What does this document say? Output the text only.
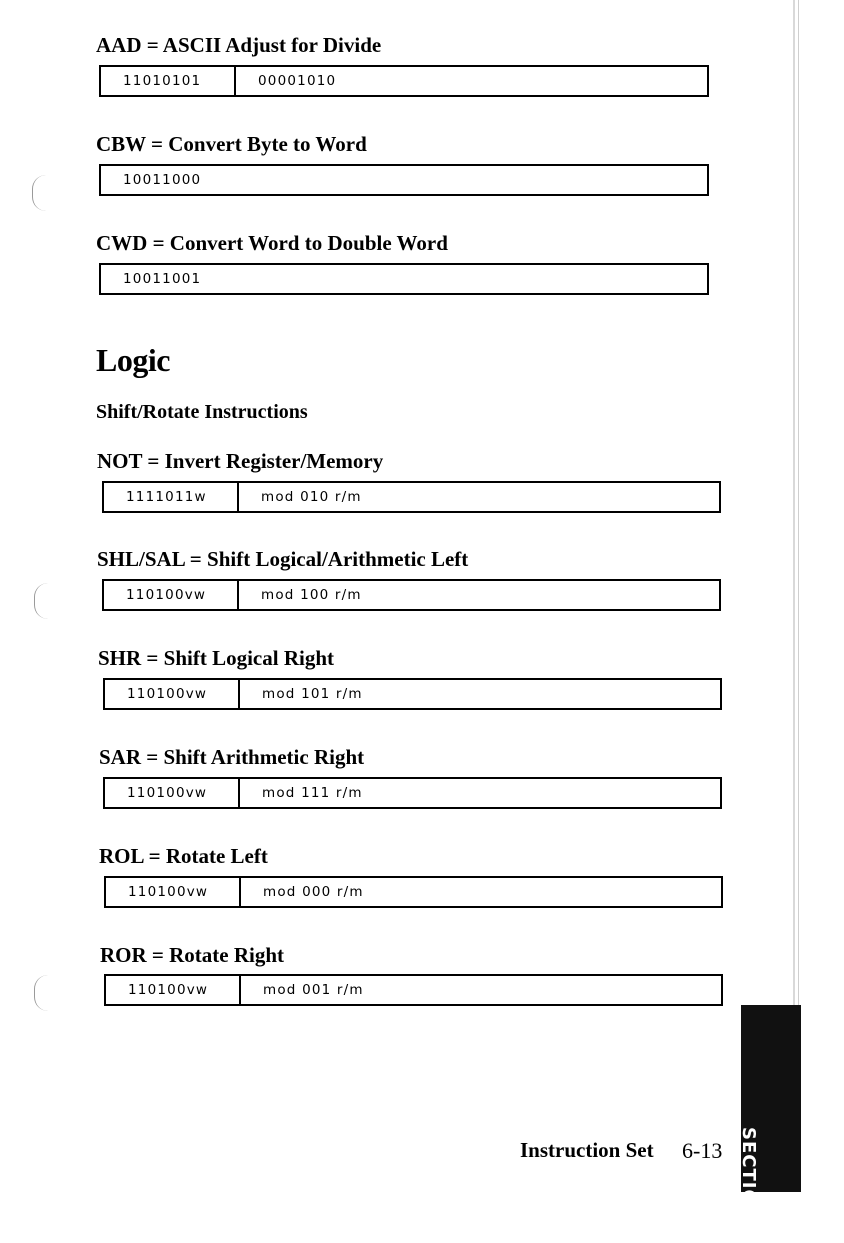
AAD = ASCII Adjust for Divide
11010101	00001010
CBW = Convert Byte to Word
10011000
CWD = Convert Word to Double Word
10011001
Logic
Shift/Rotate Instructions
NOT = Invert Register/Memory
1111011w	mod 010 r/m
SHL/SAL = Shift Logical/Arithmetic Left
110100vw	mod 100 r/m
SHR = Shift Logical Right
110100vw	mod 101 r/m
SAR = Shift Arithmetic Right
110100vw	mod 111 r/m
ROL = Rotate Left
110100vw	mod 000 r/m
ROR = Rotate Right
110100vw	mod 001 r/m
SECTION 6
Instruction Set 6-13
